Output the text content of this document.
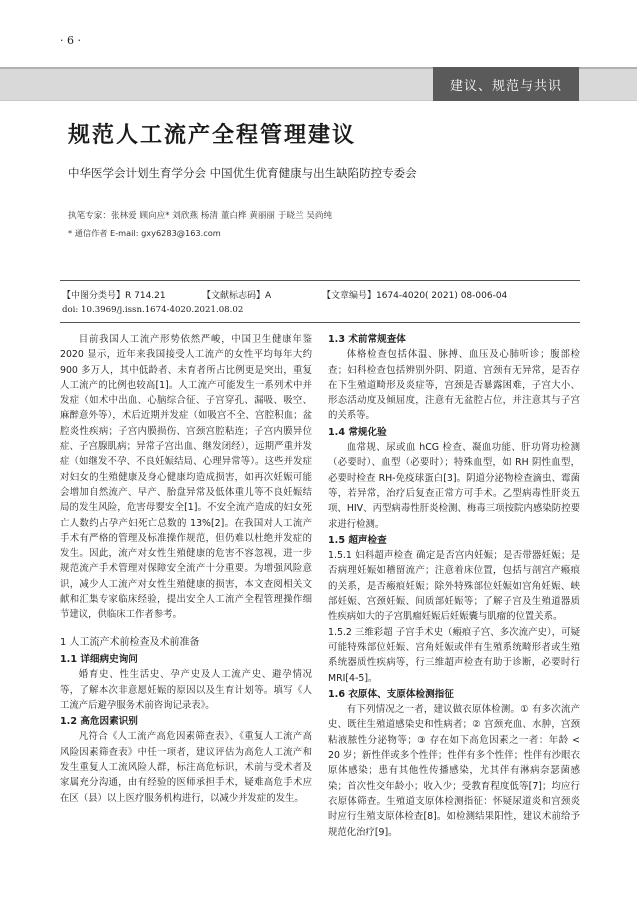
· 6 ·
建议、规范与共识
规范人工流产全程管理建议
中华医学会计划生育学分会 中国优生优育健康与出生缺陷防控专委会
执笔专家：张林爱 顾向应* 刘欣燕 杨清 董白桦 黄丽丽 于晓兰 吴尚纯
* 通信作者 E-mail: gxy6283@163.com
【中图分类号】R 714.21	【文献标志码】A	【文章编号】1674-4020( 2021) 08-006-04
doi: 10.3969/j.issn.1674-4020.2021.08.02

目前我国人工流产形势依然严峻，中国卫生健康年鉴 2020 显示，近年来我国接受人工流产的女性平均每年大约 900 多万人，其中低龄者、未育者所占比例更是突出，重复人工流产的比例也较高[1]。人工流产可能发生一系列术中并发症（如术中出血、心脑综合征、子宫穿孔、漏吸、吸空、麻醉意外等），术后近期并发症（如吸宫不全、宫腔积血；盆腔炎性疾病；子宫内膜损伤、宫颈宫腔粘连；子宫内膜异位症、子宫腺肌病；异常子宫出血、继发闭经），远期严重并发症（如继发不孕、不良妊娠结局、心理异常等）。这些并发症对妇女的生殖健康及身心健康均造成损害，如再次妊娠可能会增加自然流产、早产、胎盘异常及低体重儿等不良妊娠结局的发生风险，危害母婴安全[1]。不安全流产造成的妇女死亡人数约占孕产妇死亡总数的 13%[2]。在我国对人工流产手术有严格的管理及标准操作规范，但仍难以杜绝并发症的发生。因此，流产对女性生殖健康的危害不容忽视，进一步规范流产手术管理对保障安全流产十分重要。为增强风险意识，减少人工流产对女性生殖健康的损害，本文查阅相关文献和汇集专家临床经验，提出安全人工流产全程管理操作细节建议，供临床工作者参考。

1 人工流产术前检查及术前准备
1.1 详细病史询问

婚育史、性生活史、孕产史及人工流产史、避孕情况等，了解本次非意愿妊娠的原因以及生育计划等。填写《人工流产后避孕服务术前咨询记录表》。

1.2 高危因素识别

凡符合《人工流产高危因素筛查表》、《重复人工流产高风险因素筛查表》中任一项者，建议评估为高危人工流产和发生重复人工流风险人群，标注高危标识，术前与受术者及家属充分沟通，由有经验的医师承担手术，疑难高危手术应在区（县）以上医疗服务机构进行，以减少并发症的发生。

1.3 术前常规查体

体格检查包括体温、脉搏、血压及心肺听诊；腹部检查；妇科检查包括辨别外阴、阴道、宫颈有无异常，是否存在下生殖道畸形及炎症等，宫颈是否暴露困难，子宫大小、形态活动度及倾屈度，注意有无盆腔占位，并注意其与子宫的关系等。

1.4 常规化验

血常规、尿或血 hCG 检查、凝血功能、肝功肾功检测（必要时）、血型（必要时）；特殊血型，如 RH 阴性血型，必要时检查 RH-免疫球蛋白[3]。阴道分泌物检查滴虫、霉菌等，若异常，治疗后复查正常方可手术。乙型病毒性肝炎五项、HIV、丙型病毒性肝炎检测、梅毒三项按院内感染防控要求进行检测。

1.5 超声检查

1.5.1 妇科超声检查 确定是否宫内妊娠；是否带器妊娠；是否病理妊娠如稽留流产；注意着床位置，包括与剖宫产瘢痕的关系，是否瘢痕妊娠；除外特殊部位妊娠如宫角妊娠、峡部妊娠、宫颈妊娠、间质部妊娠等；了解子宫及生殖道器质性疾病如大的子宫肌瘤妊娠后妊娠囊与肌瘤的位置关系。

1.5.2 三维彩超 子宫手术史（瘢痕子宫、多次流产史），可疑可能特殊部位妊娠、宫角妊娠或伴有生殖系统畸形者或生殖系统器质性疾病等，行三维超声检查有助于诊断，必要时行 MRI[4-5]。

1.6 衣原体、支原体检测指征

有下列情况之一者，建议做衣原体检测。① 有多次流产史、既往生殖道感染史和性病者；② 宫颈充血、水肿，宫颈粘液脓性分泌物等；③ 存在如下高危因素之一者：年龄 < 20 岁；新性伴或多个性伴；性伴有多个性伴；性伴有沙眼衣原体感染；患有其他性传播感染，尤其伴有淋病奈瑟菌感染；首次性交年龄小；收入少；受教育程度低等[7]；均应行衣原体筛查。生殖道支原体检测指征：怀疑尿道炎和宫颈炎时应行生殖支原体检查[8]。如检测结果阳性，建议术前给予规范化治疗[9]。
